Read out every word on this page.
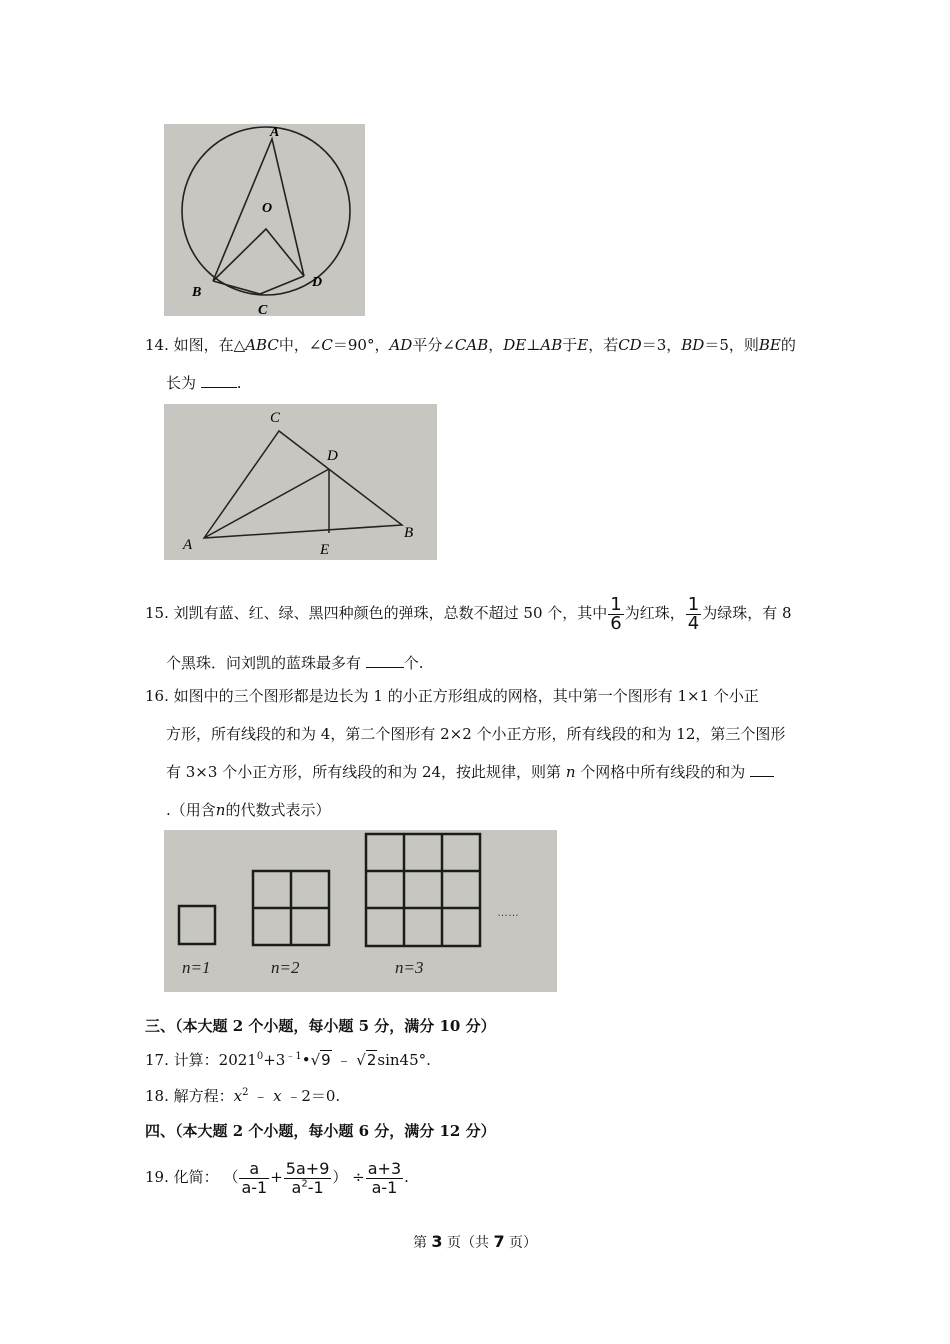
A
O
B
C
D
14. 如图，在△ABC中，∠C＝90°，AD平分∠CAB，DE⊥AB于E，若CD＝3，BD＝5，则BE的
长为	.
C
D
A	E
B
15. 刘凯有蓝、红、绿、黑四种颜色的弹珠，总数不超过 50 个，其中 $\frac{1}{6}$ 为红珠， $\frac{1}{4}$ 为绿珠，有 8
个黑珠．问刘凯的蓝珠最多有	个.
16. 如图中的三个图形都是边长为 1 的小正方形组成的网格，其中第一个图形有 1×1 个小正
方形，所有线段的和为 4，第二个图形有 2×2 个小正方形，所有线段的和为 12，第三个图形
有 3×3 个小正方形，所有线段的和为 24，按此规律，则第 n 个网格中所有线段的和为
.（用含n的代数式表示）
n=1	n=2	n=3
……
三、（本大题 2 个小题，每小题 5 分，满分 10 分）
17. 计算：$2021^0+3^{﹣1}•√9$ ﹣ √2sin45°.
18. 解方程：$x^2$ ﹣ x ﹣2＝0.
四、（本大题 2 个小题，每小题 6 分，满分 12 分）
19. 化简： （ $\frac{a}{a-1} + \frac{5a+9}{a^2-1}$ ） ÷ $\frac{a+3}{a-1}$ .
第 3 页（共 7 页）
